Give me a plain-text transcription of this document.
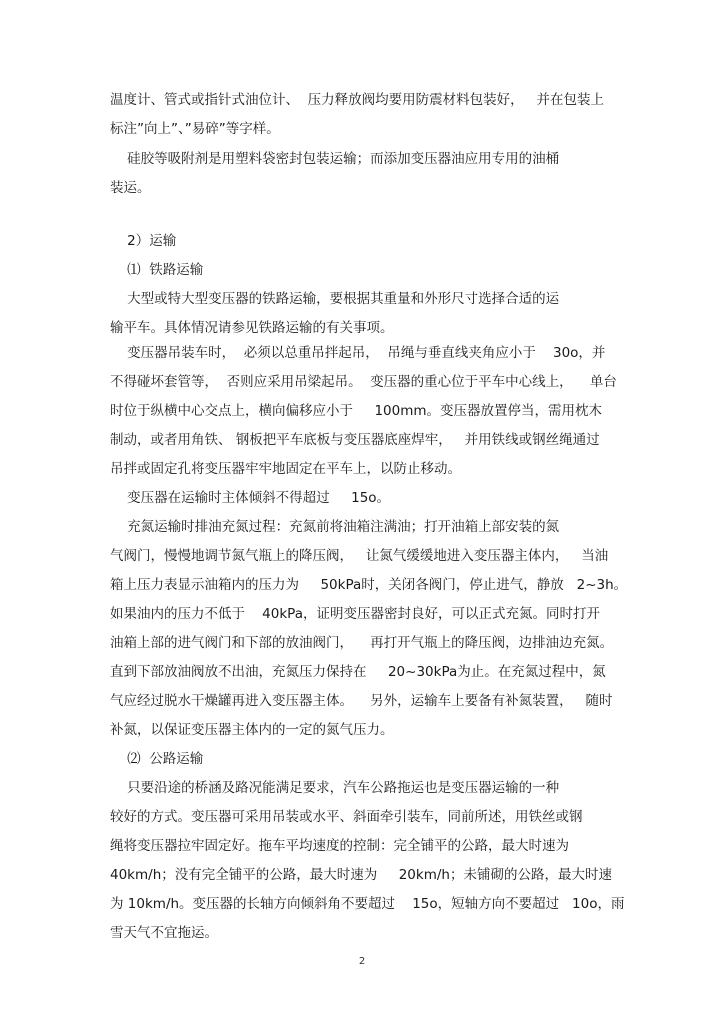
温度计、管式或指针式油位计、  压力释放阀均要用防震材料包装好，   并在包装上

标注”向上”、”易碎”等字样。

硅胶等吸附剂是用塑料袋密封包装运输；而添加变压器油应用专用的油桶

装运。

2）运输

⑴  铁路运输

大型或特大型变压器的铁路运输，要根据其重量和外形尺寸选择合适的运

输平车。具体情况请参见铁路运输的有关事项。

变压器吊装车时，  必须以总重吊拌起吊，  吊绳与垂直线夹角应小于    30o，并

不得碰坏套管等，  否则应采用吊梁起吊。  变压器的重心位于平车中心线上，    单台

时位于纵横中心交点上，横向偏移应小于     100mm。变压器放置停当，需用枕木

制动，或者用角铁、 钢板把平车底板与变压器底座焊牢，   并用铁线或钢丝绳通过

吊拌或固定孔将变压器牢牢地固定在平车上，以防止移动。

变压器在运输时主体倾斜不得超过     15o。

充氮运输时排油充氮过程：充氮前将油箱注满油；打开油箱上部安装的氮

气阀门，慢慢地调节氮气瓶上的降压阀，   让氮气缓缓地进入变压器主体内，   当油

箱上压力表显示油箱内的压力为     50kPa时，关闭各阀门，停止进气，静放   2~3h。

如果油内的压力不低于    40kPa，证明变压器密封良好，可以正式充氮。同时打开

油箱上部的进气阀门和下部的放油阀门，    再打开气瓶上的降压阀，边排油边充氮。

直到下部放油阀放不出油，充氮压力保持在     20~30kPa为止。在充氮过程中，氮

气应经过脱水干燥罐再进入变压器主体。    另外，运输车上要备有补氮装置，   随时

补氮，以保证变压器主体内的一定的氮气压力。

⑵  公路运输

只要沿途的桥涵及路况能满足要求，汽车公路拖运也是变压器运输的一种

较好的方式。变压器可采用吊装或水平、斜面牵引装车，同前所述，用铁丝或钢

绳将变压器拉牢固定好。拖车平均速度的控制：完全铺平的公路，最大时速为

40km/h；没有完全铺平的公路，最大时速为     20km/h；未铺砌的公路，最大时速

为 10km/h。变压器的长轴方向倾斜角不要超过    15o，短轴方向不要超过   10o，雨

雪天气不宜拖运。

2
